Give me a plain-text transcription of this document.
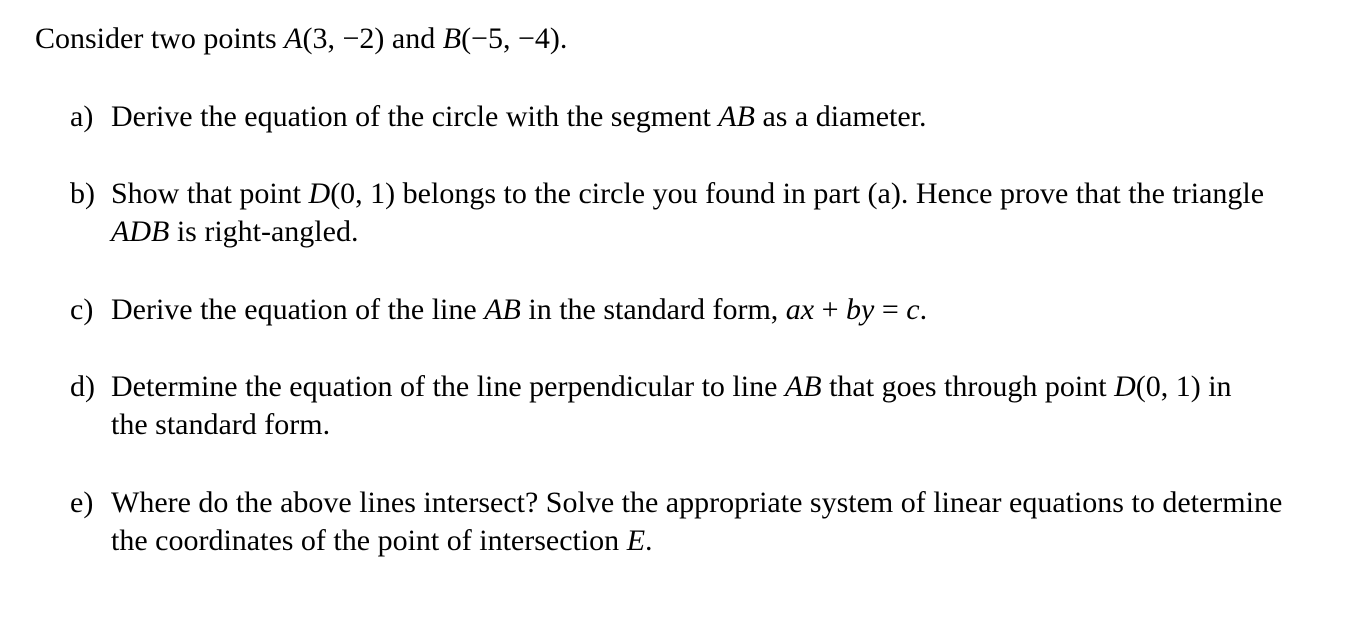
Consider two points A(3, −2) and B(−5, −4).
a) Derive the equation of the circle with the segment AB as a diameter.
b) Show that point D(0, 1) belongs to the circle you found in part (a). Hence prove that the triangle
ADB is right-angled.
c) Derive the equation of the line AB in the standard form, ax + by = c.
d) Determine the equation of the line perpendicular to line AB that goes through point D(0, 1) in
the standard form.
e) Where do the above lines intersect? Solve the appropriate system of linear equations to determine
the coordinates of the point of intersection E.
